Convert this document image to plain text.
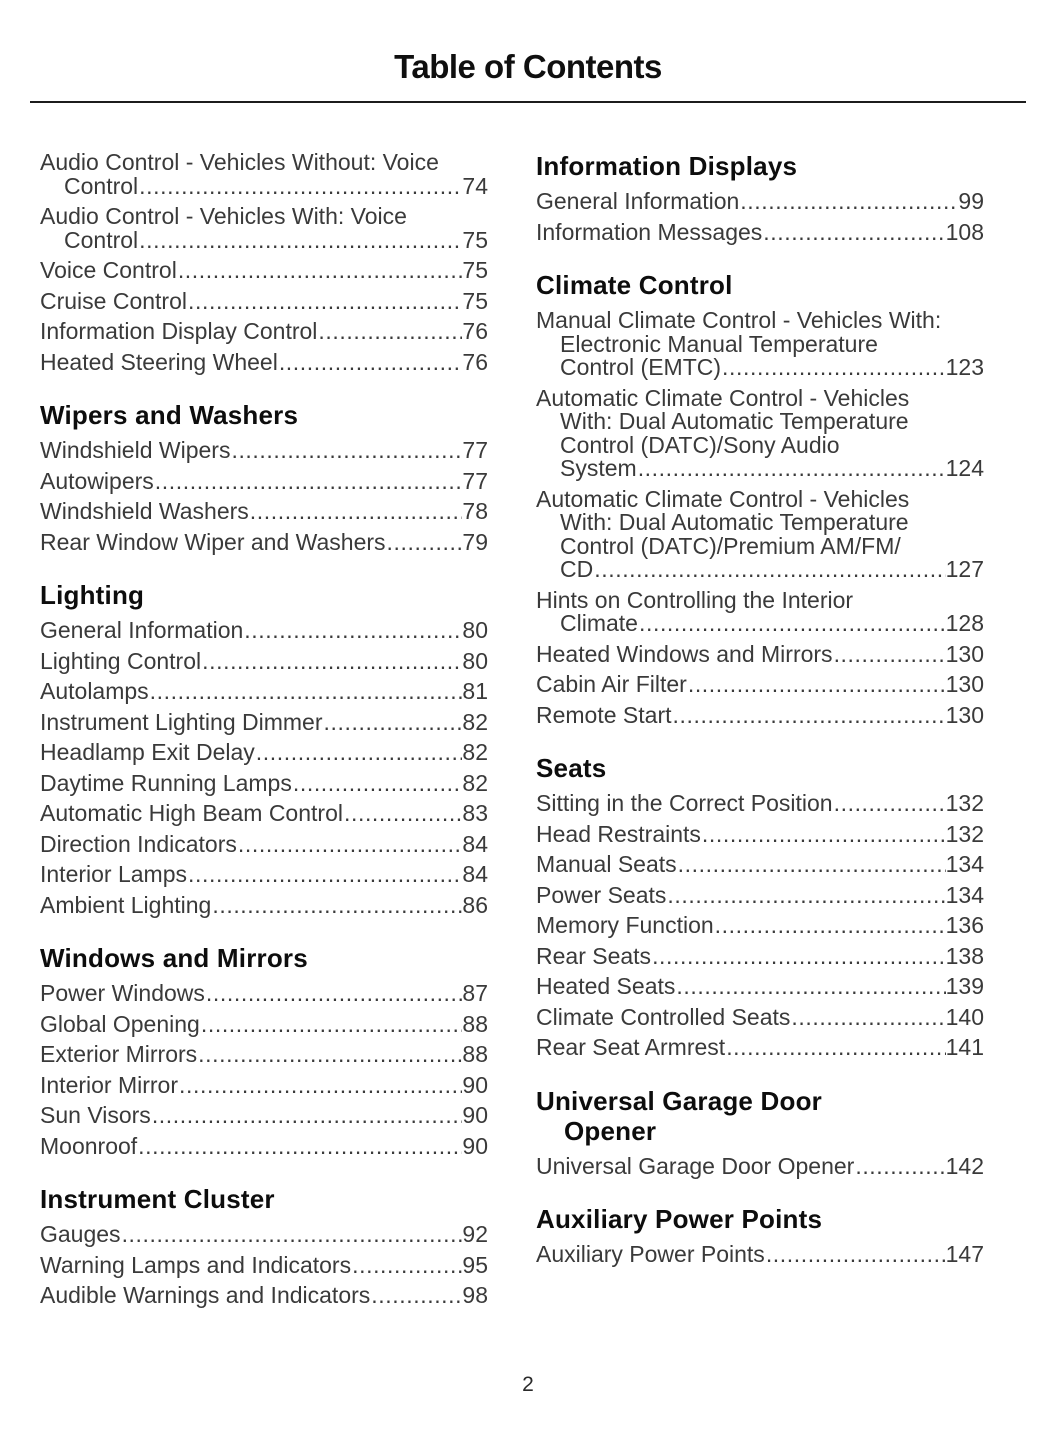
Table of Contents
Audio Control - Vehicles Without: Voice
Control .....	74
Audio Control - Vehicles With: Voice
Control .....	75
Voice Control .....	75
Cruise Control .....	75
Information Display Control .....	76
Heated Steering Wheel .....	76
Wipers and Washers
Windshield Wipers .....	77
Autowipers .....	77
Windshield Washers .....	78
Rear Window Wiper and Washers .....	79
Lighting
General Information .....	80
Lighting Control .....	80
Autolamps .....	81
Instrument Lighting Dimmer .....	82
Headlamp Exit Delay .....	82
Daytime Running Lamps .....	82
Automatic High Beam Control .....	83
Direction Indicators .....	84
Interior Lamps .....	84
Ambient Lighting .....	86
Windows and Mirrors
Power Windows .....	87
Global Opening .....	88
Exterior Mirrors .....	88
Interior Mirror .....	90
Sun Visors .....	90
Moonroof .....	90
Instrument Cluster
Gauges .....	92
Warning Lamps and Indicators .....	95
Audible Warnings and Indicators .....	98
Information Displays
General Information .....	99
Information Messages .....	108
Climate Control
Manual Climate Control - Vehicles With:
Electronic Manual Temperature
Control (EMTC) .....	123
Automatic Climate Control - Vehicles
With: Dual Automatic Temperature
Control (DATC)/Sony Audio
System .....	124
Automatic Climate Control - Vehicles
With: Dual Automatic Temperature
Control (DATC)/Premium AM/FM/
CD .....	127
Hints on Controlling the Interior
Climate .....	128
Heated Windows and Mirrors .....	130
Cabin Air Filter .....	130
Remote Start .....	130
Seats
Sitting in the Correct Position .....	132
Head Restraints .....	132
Manual Seats .....	134
Power Seats .....	134
Memory Function .....	136
Rear Seats .....	138
Heated Seats .....	139
Climate Controlled Seats .....	140
Rear Seat Armrest .....	141
Universal Garage Door
Opener
Universal Garage Door Opener .....	142
Auxiliary Power Points
Auxiliary Power Points .....	147
2
